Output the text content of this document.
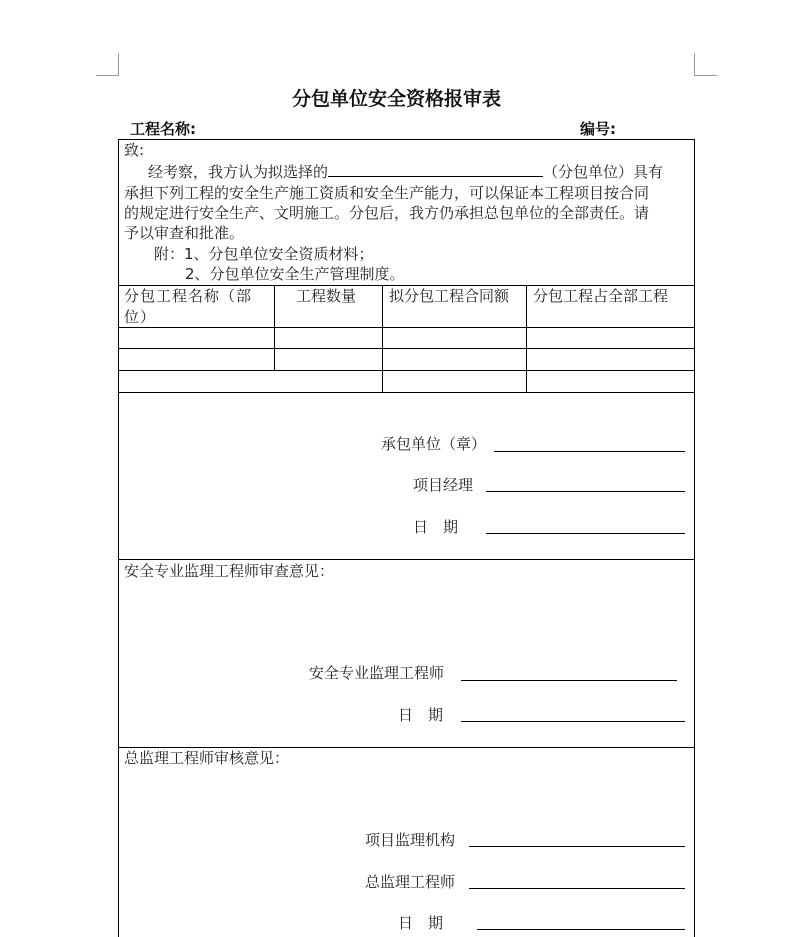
分包单位安全资格报审表
工程名称:	编号:
致:
经考察，我方认为拟选择的	（分包单位）具有
承担下列工程的安全生产施工资质和安全生产能力，可以保证本工程项目按合同
的规定进行安全生产、文明施工。分包后，我方仍承担总包单位的全部责任。请
予以审查和批准。
附：1、分包单位安全资质材料；
2、分包单位安全生产管理制度。
分包工程名称（部位）
工程数量 拟分包工程合同额 分包工程占全部工程
承包单位（章）
项目经理
日　期
安全专业监理工程师审查意见：
安全专业监理工程师
日　期
总监理工程师审核意见：
项目监理机构
总监理工程师
日　期
